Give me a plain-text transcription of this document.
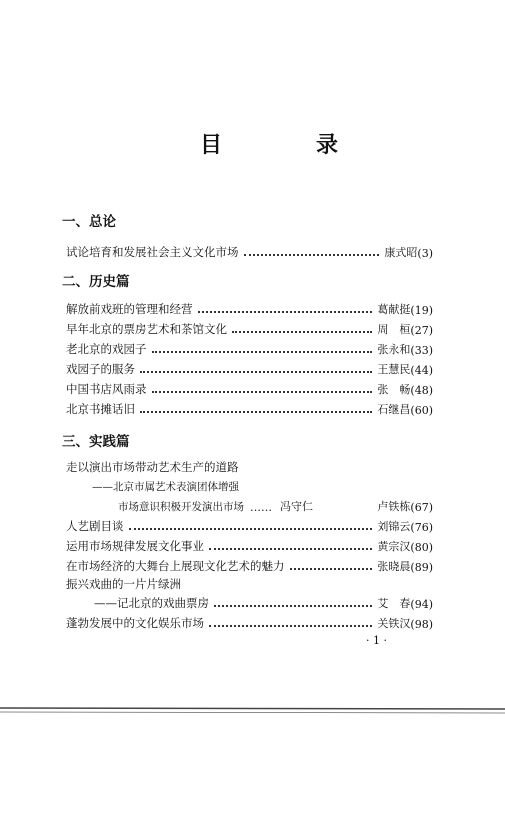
目	录
一、总论
试论培育和发展社会主义文化市场	康式昭 (3)
二、历史篇
解放前戏班的管理和经营	葛献挺 (19)
早年北京的票房艺术和茶馆文化	周　桓 (27)
老北京的戏园子	张永和 (33)
戏园子的服务	王慧民 (44)
中国书店风雨录	张　畅 (48)
北京书摊话旧	石继昌 (60)
三、实践篇
走以演出市场带动艺术生产的道路
——北京市属艺术表演团体增强
市场意识积极开发演出市场 …… 冯守仁	卢铁栋 (67)
人艺剧目谈	刘锦云 (76)
运用市场规律发展文化事业	黄宗汉 (80)
在市场经济的大舞台上展现文化艺术的魅力	张晓晨 (89)
振兴戏曲的一片片绿洲
——记北京的戏曲票房	艾　春 (94)
蓬勃发展中的文化娱乐市场	关铁汉 (98)
· 1 ·
